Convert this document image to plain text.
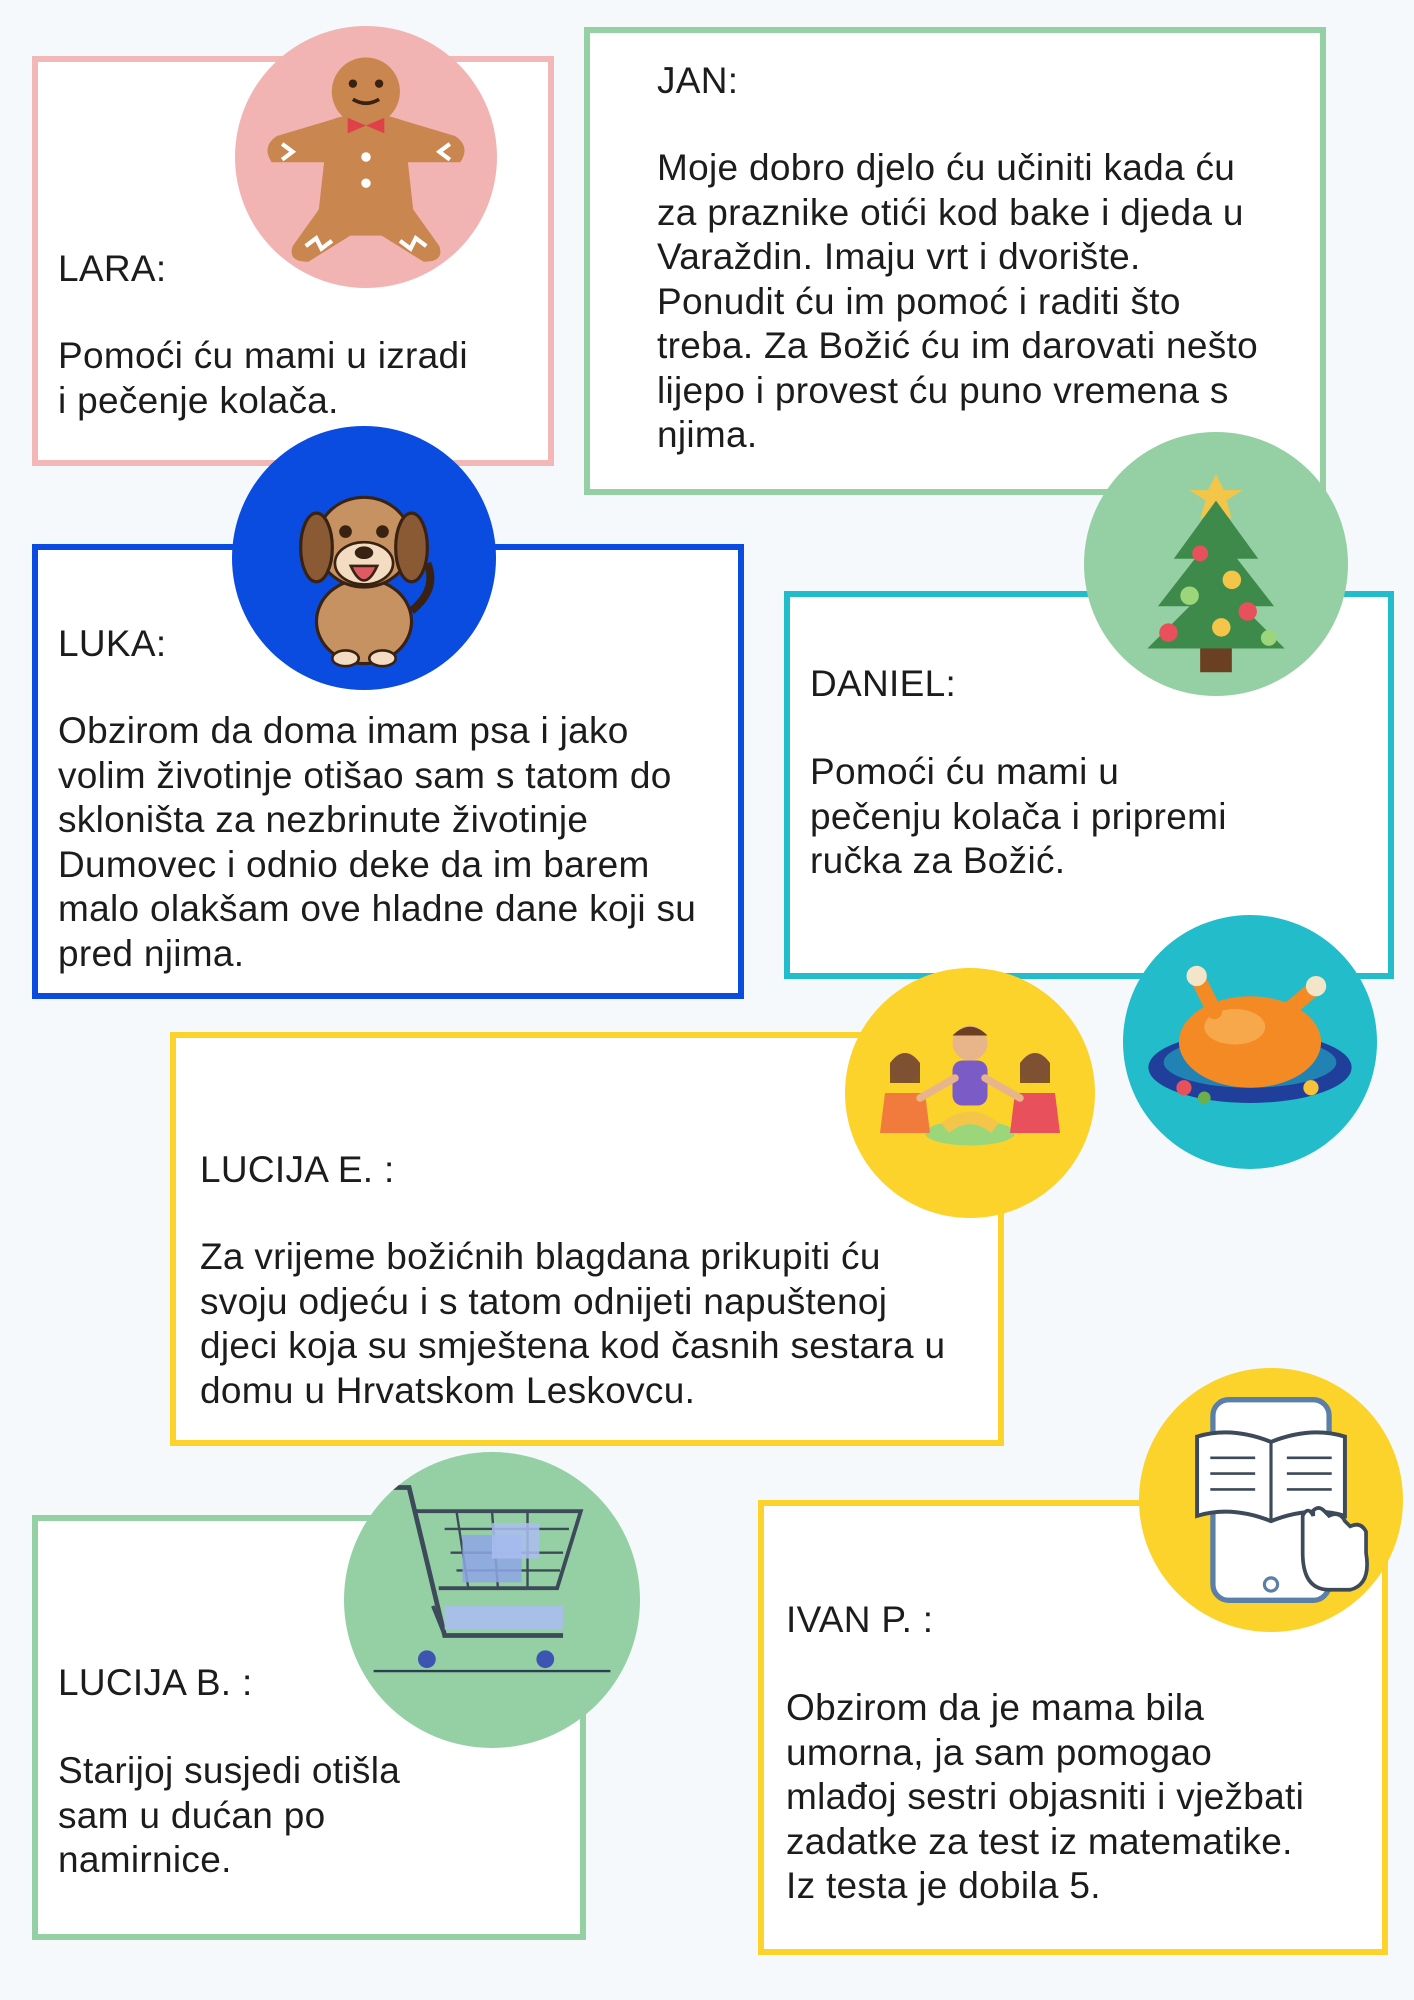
LARA:
Pomoći ću mami u izradi
i pečenje kolača.
JAN:
Moje dobro djelo ću učiniti kada ću
za praznike otići kod bake i djeda u
Varaždin. Imaju vrt i dvorište.
Ponudit ću im pomoć i raditi što
treba. Za Božić ću im darovati nešto
lijepo i provest ću puno vremena s
njima.
LUKA:
Obzirom da doma imam psa i jako
volim životinje otišao sam s tatom do
skloništa za nezbrinute životinje
Dumovec i odnio deke da im barem
malo olakšam ove hladne dane koji su
pred njima.
DANIEL:
Pomoći ću mami u
pečenju kolača i pripremi
ručka za Božić.
LUCIJA E. :
Za vrijeme božićnih blagdana prikupiti ću
svoju odjeću i s tatom odnijeti napuštenoj
djeci koja su smještena kod časnih sestara u
domu u Hrvatskom Leskovcu.
LUCIJA B. :
Starijoj susjedi otišla
sam u dućan po
namirnice.
IVAN P. :
Obzirom da je mama bila
umorna, ja sam pomogao
mlađoj sestri objasniti i vježbati
zadatke za test iz matematike.
Iz testa je dobila 5.
